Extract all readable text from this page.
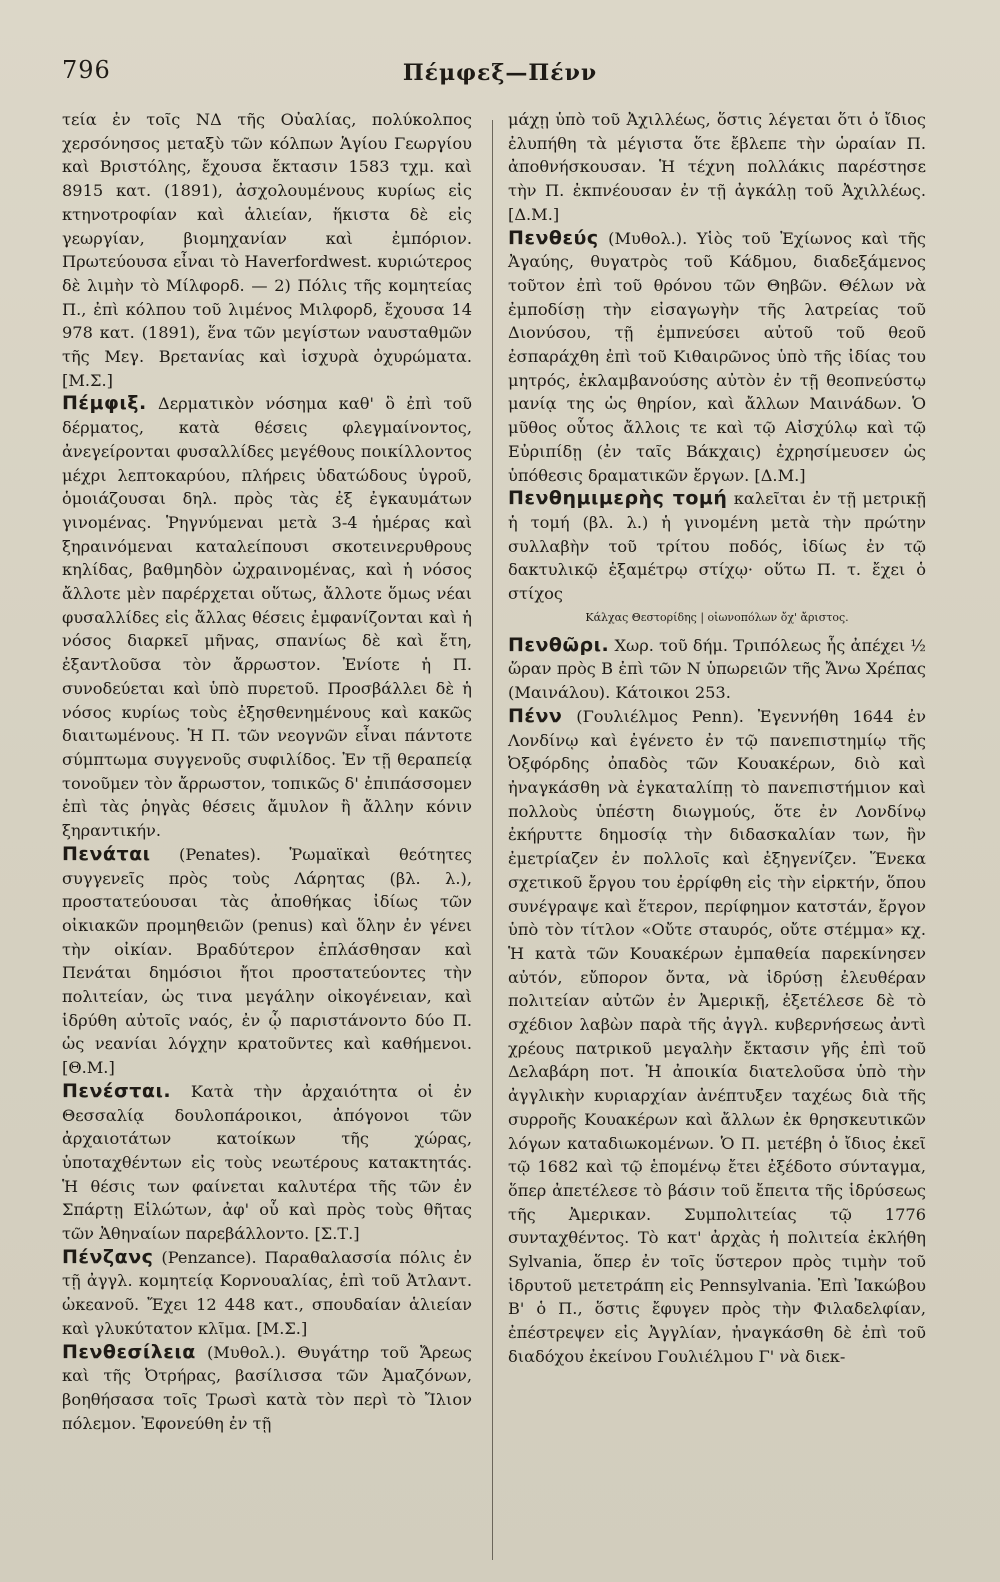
796	Πέμφεξ—Πένν

τεία ἐν τοῖς ΝΔ τῆς Οὐαλίας, πολύκολπος χερσόνησος μεταξὺ τῶν κόλπων Ἁγίου Γεωργίου καὶ Βριστόλης, ἔχουσα ἔκτασιν 1583 τχμ. καὶ 8915 κατ. (1891), ἀσχολουμένους κυρίως εἰς κτηνοτροφίαν καὶ ἁλιείαν, ἥκιστα δὲ εἰς γεωργίαν, βιομηχανίαν καὶ ἐμπόριον. Πρωτεύουσα εἶναι τὸ Haverfordwest. κυριώτερος δὲ λιμὴν τὸ Μίλφορδ. — 2) Πόλις τῆς κομητείας Π., ἐπὶ κόλπου τοῦ λιμένος Μιλφορδ, ἔχουσα 14 978 κατ. (1891), ἕνα τῶν μεγίστων ναυσταθμῶν τῆς Μεγ. Βρετανίας καὶ ἰσχυρὰ ὀχυρώματα. [Μ.Σ.]

Πέμφιξ. Δερματικὸν νόσημα καθ' ὃ ἐπὶ τοῦ δέρματος, κατὰ θέσεις φλεγμαίνοντος, ἀνεγείρονται φυσαλλίδες μεγέθους ποικίλλοντος μέχρι λεπτοκαρύου, πλήρεις ὑδατώδους ὑγροῦ, ὁμοιάζουσαι δηλ. πρὸς τὰς ἐξ ἐγκαυμάτων γινομένας. Ῥηγνύμεναι μετὰ 3-4 ἡμέρας καὶ ξηραινόμεναι καταλείπουσι σκοτεινερυθρους κηλίδας, βαθμηδὸν ὠχραινομένας, καὶ ἡ νόσος ἄλλοτε μὲν παρέρχεται οὕτως, ἄλλοτε ὅμως νέαι φυσαλλίδες εἰς ἄλλας θέσεις ἐμφανίζονται καὶ ἡ νόσος διαρκεῖ μῆνας, σπανίως δὲ καὶ ἔτη, ἐξαντλοῦσα τὸν ἄρρωστον. Ἐνίοτε ἡ Π. συνοδεύεται καὶ ὑπὸ πυρετοῦ. Προσβάλλει δὲ ἡ νόσος κυρίως τοὺς ἐξησθενημένους καὶ κακῶς διαιτωμένους. Ἡ Π. τῶν νεογνῶν εἶναι πάντοτε σύμπτωμα συγγενοῦς συφιλίδος. Ἐν τῇ θεραπείᾳ τονοῦμεν τὸν ἄρρωστον, τοπικῶς δ' ἐπιπάσσομεν ἐπὶ τὰς ῥηγὰς θέσεις ἄμυλον ἢ ἄλλην κόνιν ξηραντικήν.

Πενάται (Penates). Ῥωμαϊκαὶ θεότητες συγγενεῖς πρὸς τοὺς Λάρητας (βλ. λ.), προστατεύουσαι τὰς ἀποθήκας ἰδίως τῶν οἰκιακῶν προμηθειῶν (penus) καὶ ὅλην ἐν γένει τὴν οἰκίαν. Βραδύτερον ἐπλάσθησαν καὶ Πενάται δημόσιοι ἤτοι προστατεύοντες τὴν πολιτείαν, ὡς τινα μεγάλην οἰκογένειαν, καὶ ἱδρύθη αὐτοῖς ναός, ἐν ᾧ παριστάνοντο δύο Π. ὡς νεανίαι λόγχην κρατοῦντες καὶ καθήμενοι. [Θ.Μ.]

Πενέσται. Κατὰ τὴν ἀρχαιότητα οἱ ἐν Θεσσαλίᾳ δουλοπάροικοι, ἀπόγονοι τῶν ἀρχαιοτάτων κατοίκων τῆς χώρας, ὑποταχθέντων εἰς τοὺς νεωτέρους κατακτητάς. Ἡ θέσις των φαίνεται καλυτέρα τῆς τῶν ἐν Σπάρτῃ Εἱλώτων, ἀφ' οὗ καὶ πρὸς τοὺς θῆτας τῶν Ἀθηναίων παρεβάλλοντο. [Σ.Τ.]

Πένζανς (Penzance). Παραθαλασσία πόλις ἐν τῇ ἀγγλ. κομητείᾳ Κορνουαλίας, ἐπὶ τοῦ Ἀτλαντ. ὠκεανοῦ. Ἔχει 12 448 κατ., σπουδαίαν ἁλιείαν καὶ γλυκύτατον κλῖμα. [Μ.Σ.]

Πενθεσίλεια (Μυθολ.). Θυγάτηρ τοῦ Ἄρεως καὶ τῆς Ὀτρήρας, βασίλισσα τῶν Ἀμαζόνων, βοηθήσασα τοῖς Τρωσὶ κατὰ τὸν περὶ τὸ Ἴλιον πόλεμον. Ἐφονεύθη ἐν τῇ

μάχῃ ὑπὸ τοῦ Ἀχιλλέως, ὅστις λέγεται ὅτι ὁ ἴδιος ἐλυπήθη τὰ μέγιστα ὅτε ἔβλεπε τὴν ὡραίαν Π. ἀποθνήσκουσαν. Ἡ τέχνη πολλάκις παρέστησε τὴν Π. ἐκπνέουσαν ἐν τῇ ἀγκάλῃ τοῦ Ἀχιλλέως. [Δ.Μ.]

Πενθεύς (Μυθολ.). Υἱὸς τοῦ Ἐχίωνος καὶ τῆς Ἀγαύης, θυγατρὸς τοῦ Κάδμου, διαδεξάμενος τοῦτον ἐπὶ τοῦ θρόνου τῶν Θηβῶν. Θέλων νὰ ἐμποδίσῃ τὴν εἰσαγωγὴν τῆς λατρείας τοῦ Διονύσου, τῇ ἐμπνεύσει αὐτοῦ τοῦ θεοῦ ἐσπαράχθη ἐπὶ τοῦ Κιθαιρῶνος ὑπὸ τῆς ἰδίας του μητρός, ἐκλαμβανούσης αὐτὸν ἐν τῇ θεοπνεύστῳ μανίᾳ της ὡς θηρίον, καὶ ἄλλων Μαινάδων. Ὁ μῦθος οὗτος ἄλλοις τε καὶ τῷ Αἰσχύλῳ καὶ τῷ Εὐριπίδῃ (ἐν ταῖς Βάκχαις) ἐχρησίμευσεν ὡς ὑπόθεσις δραματικῶν ἔργων. [Δ.Μ.]

Πενθημιμερὴς τομή καλεῖται ἐν τῇ μετρικῇ ἡ τομή (βλ. λ.) ἡ γινομένη μετὰ τὴν πρώτην συλλαβὴν τοῦ τρίτου ποδός, ἰδίως ἐν τῷ δακτυλικῷ ἑξαμέτρῳ στίχῳ· οὕτω Π. τ. ἔχει ὁ στίχος

Κάλχας Θεστορίδης | οἰωνοπόλων ὄχ' ἄριστος.

Πενθῶρι. Χωρ. τοῦ δήμ. Τριπόλεως ἧς ἀπέχει ½ ὥραν πρὸς Β ἐπὶ τῶν Ν ὑπωρειῶν τῆς Ἄνω Χρέπας (Μαινάλου). Κάτοικοι 253.

Πένν (Γουλιέλμος Penn). Ἐγεννήθη 1644 ἐν Λονδίνῳ καὶ ἐγένετο ἐν τῷ πανεπιστημίῳ τῆς Ὀξφόρδης ὀπαδὸς τῶν Κουακέρων, διὸ καὶ ἠναγκάσθη νὰ ἐγκαταλίπῃ τὸ πανεπιστήμιον καὶ πολλοὺς ὑπέστη διωγμούς, ὅτε ἐν Λονδίνῳ ἐκήρυττε δημοσίᾳ τὴν διδασκαλίαν των, ἣν ἐμετρίαζεν ἐν πολλοῖς καὶ ἐξηγενίζεν. Ἕνεκα σχετικοῦ ἔργου του ἐρρίφθη εἰς τὴν εἱρκτήν, ὅπου συνέγραψε καὶ ἕτερον, περίφημον κατστάν, ἔργον ὑπὸ τὸν τίτλον «Οὔτε σταυρός, οὔτε στέμμα» κχ. Ἡ κατὰ τῶν Κουακέρων ἐμπαθεία παρεκίνησεν αὐτόν, εὔπορον ὄντα, νὰ ἱδρύσῃ ἐλευθέραν πολιτείαν αὐτῶν ἐν Ἀμερικῇ, ἐξετέλεσε δὲ τὸ σχέδιον λαβὼν παρὰ τῆς ἀγγλ. κυβερνήσεως ἀντὶ χρέους πατρικοῦ μεγαλὴν ἔκτασιν γῆς ἐπὶ τοῦ Δελαβάρη ποτ. Ἡ ἀποικία διατελοῦσα ὑπὸ τὴν ἀγγλικὴν κυριαρχίαν ἀνέπτυξεν ταχέως διὰ τῆς συρροῆς Κουακέρων καὶ ἄλλων ἐκ θρησκευτικῶν λόγων καταδιωκομένων. Ὁ Π. μετέβη ὁ ἴδιος ἐκεῖ τῷ 1682 καὶ τῷ ἑπομένῳ ἔτει ἐξέδοτο σύνταγμα, ὅπερ ἀπετέλεσε τὸ βάσιν τοῦ ἔπειτα τῆς ἱδρύσεως τῆς Ἀμερικαν. Συμπολιτείας τῷ 1776 συνταχθέντος. Τὸ κατ' ἀρχὰς ἡ πολιτεία ἐκλήθη Sylvania, ὅπερ ἐν τοῖς ὕστερον πρὸς τιμὴν τοῦ ἱδρυτοῦ μετετράπη εἰς Pennsylvania. Ἐπὶ Ἰακώβου Β' ὁ Π., ὅστις ἔφυγεν πρὸς τὴν Φιλαδελφίαν, ἐπέστρεψεν εἰς Ἀγγλίαν, ἠναγκάσθη δὲ ἐπὶ τοῦ διαδόχου ἐκείνου Γουλιέλμου Γ' νὰ διεκ-
